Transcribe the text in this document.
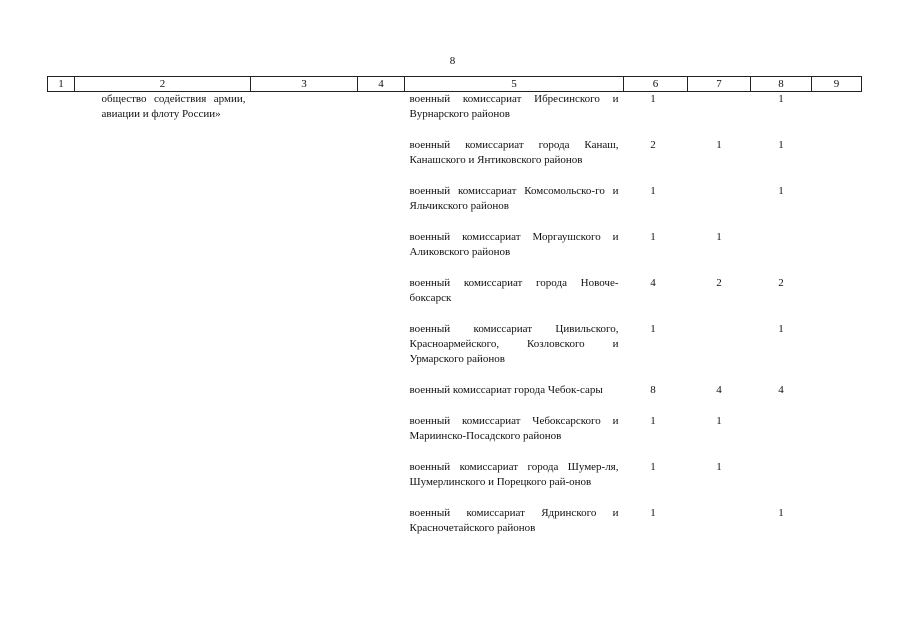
8
1	2	3	4	5	6	7	8	9

	общество содействия армии, авиации и флоту России»			военный комиссариат Ибресинского и Вурнарского районов	1		1	

				военный комиссариат города Канаш, Канашского и Янтиковского районов	2	1	1	

				военный комиссариат Комсомольско-го и Яльчикского районов	1		1	

				военный комиссариат Моргаушского и Аликовского районов	1	1		

				военный комиссариат города Новоче-боксарск	4	2	2	

				военный комиссариат Цивильского, Красноармейского, Козловского и Урмарского районов	1		1	

				военный комиссариат города Чебок-сары	8	4	4	

				военный комиссариат Чебоксарского и Мариинско-Посадского районов	1	1		

				военный комиссариат города Шумер-ля, Шумерлинского и Порецкого рай-онов	1	1		

				военный комиссариат Ядринского и Красночетайского районов	1		1	
